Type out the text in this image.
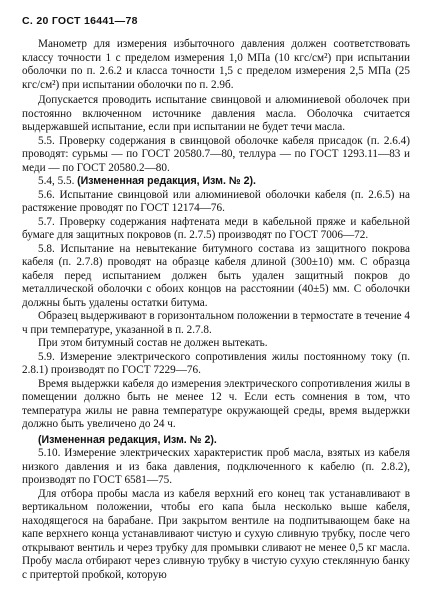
С. 20 ГОСТ 16441—78

Манометр для измерения избыточного давления должен соответствовать классу точности 1 с пределом измерения 1,0 МПа (10 кгс/см²) при испытании оболочки по п. 2.6.2 и класса точности 1,5 с пределом измерения 2,5 МПа (25 кгс/см²) при испытании оболочки по п. 2.9б.

Допускается проводить испытание свинцовой и алюминиевой оболочек при постоянно включенном источнике давления масла. Оболочка считается выдержавшей испытание, если при испытании не будет течи масла.

5.5. Проверку содержания в свинцовой оболочке кабеля присадок (п. 2.6.4) проводят: сурьмы — по ГОСТ 20580.7—80, теллура — по ГОСТ 1293.11—83 и меди — по ГОСТ 20580.2—80.

5.4, 5.5. (Измененная редакция, Изм. № 2).

5.6. Испытание свинцовой или алюминиевой оболочки кабеля (п. 2.6.5) на растяжение проводят по ГОСТ 12174—76.

5.7. Проверку содержания нафтената меди в кабельной пряже и кабельной бумаге для защитных покровов (п. 2.7.5) производят по ГОСТ 7006—72.

5.8. Испытание на невытекание битумного состава из защитного покрова кабеля (п. 2.7.8) проводят на образце кабеля длиной (300±10) мм. С образца кабеля перед испытанием должен быть удален защитный покров до металлической оболочки с обоих концов на расстоянии (40±5) мм. С оболочки должны быть удалены остатки битума.

Образец выдерживают в горизонтальном положении в термостате в течение 4 ч при температуре, указанной в п. 2.7.8.

При этом битумный состав не должен вытекать.

5.9. Измерение электрического сопротивления жилы постоянному току (п. 2.8.1) производят по ГОСТ 7229—76.

Время выдержки кабеля до измерения электрического сопротивления жилы в помещении должно быть не менее 12 ч. Если есть сомнения в том, что температура жилы не равна температуре окружающей среды, время выдержки должно быть увеличено до 24 ч.

(Измененная редакция, Изм. № 2).

5.10. Измерение электрических характеристик проб масла, взятых из кабеля низкого давления и из бака давления, подключенного к кабелю (п. 2.8.2), производят по ГОСТ 6581—75.

Для отбора пробы масла из кабеля верхний его конец так устанавливают в вертикальном положении, чтобы его капа была несколько выше кабеля, находящегося на барабане. При закрытом вентиле на подпитывающем баке на капе верхнего конца устанавливают чистую и сухую сливную трубку, после чего открывают вентиль и через трубку для промывки сливают не менее 0,5 кг масла. Пробу масла отбирают через сливную трубку в чистую сухую стеклянную банку с притертой пробкой, которую
